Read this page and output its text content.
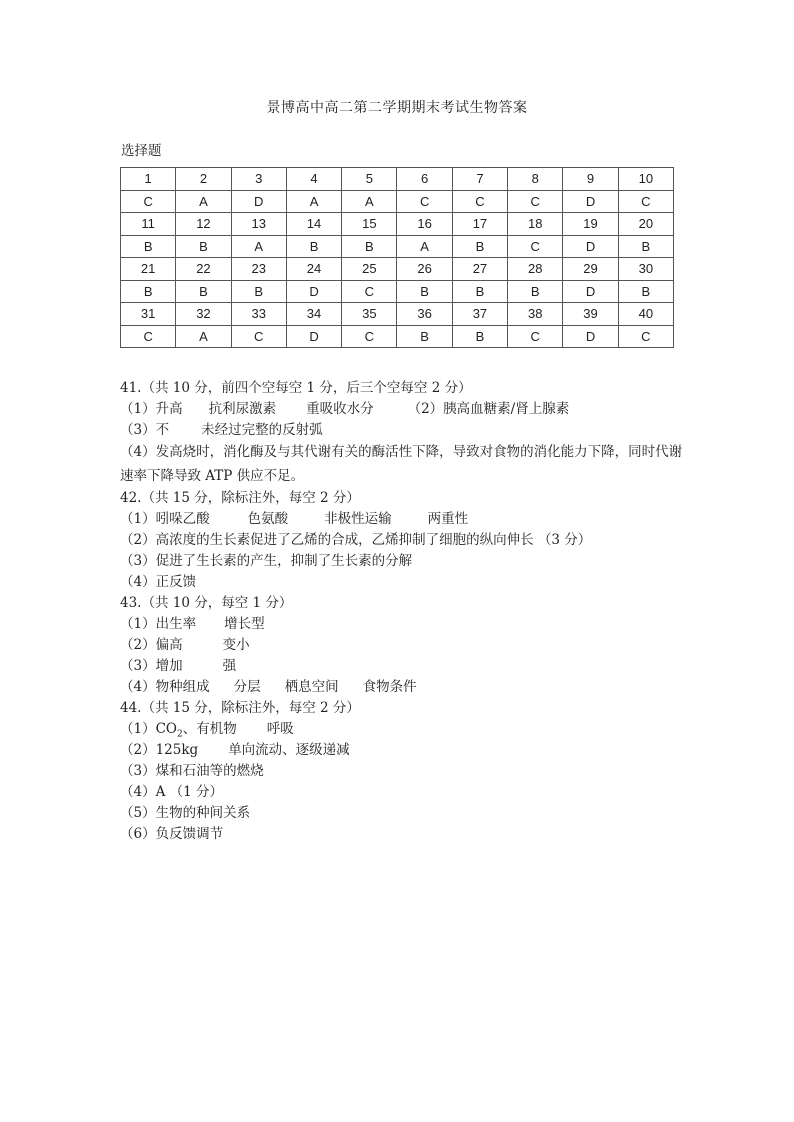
景博高中高二第二学期期末考试生物答案
选择题
1	2	3	4	5	6	7	8	9	10
C	A	D	A	A	C	C	C	D	C
11	12	13	14	15	16	17	18	19	20
B	B	A	B	B	A	B	C	D	B
21	22	23	24	25	26	27	28	29	30
B	B	B	D	C	B	B	B	D	B
31	32	33	34	35	36	37	38	39	40
C	A	C	D	C	B	B	C	D	C
41.（共 10 分，前四个空每空 1 分，后三个空每空 2 分）
（1）升高 抗利尿激素 重吸收水分	（2）胰高血糖素/肾上腺素
（3）不 未经过完整的反射弧
（4）发高烧时，消化酶及与其代谢有关的酶活性下降，导致对食物的消化能力下降，同时代谢速率下降导致 ATP 供应不足。
42.（共 15 分，除标注外，每空 2 分）
（1）吲哚乙酸	色氨酸	非极性运输	两重性
（2）高浓度的生长素促进了乙烯的合成，乙烯抑制了细胞的纵向伸长 （3 分）
（3）促进了生长素的产生，抑制了生长素的分解
（4）正反馈
43.（共 10 分，每空 1 分）
（1）出生率 增长型
（2）偏高	变小
（3）增加	强
（4）物种组成 分层 栖息空间 食物条件
44.（共 15 分，除标注外，每空 2 分）
$(1)CO_2$、有机物 呼吸
（2）125kg 单向流动、逐级递减
（3）煤和石油等的燃烧
（4）A （1 分）
（5）生物的种间关系
（6）负反馈调节
